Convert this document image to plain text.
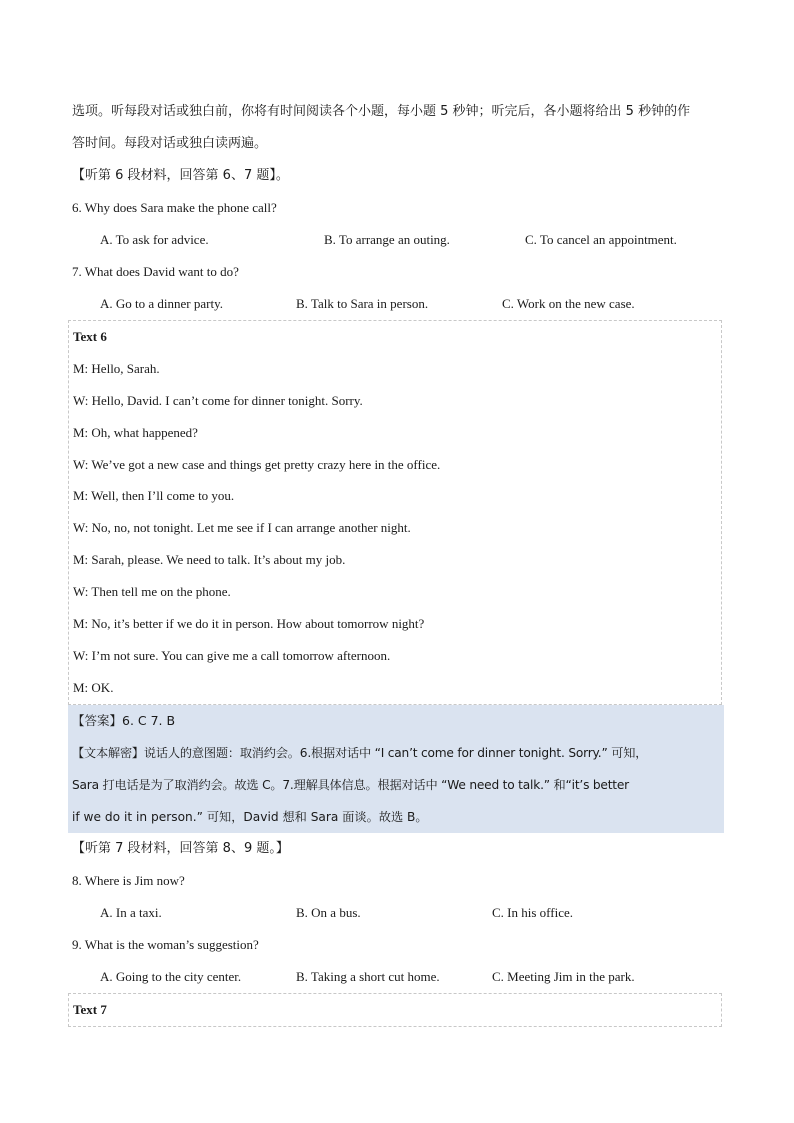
选项。听每段对话或独白前，你将有时间阅读各个小题，每小题 5 秒钟；听完后，各小题将给出 5 秒钟的作
答时间。每段对话或独白读两遍。
【听第 6 段材料，回答第 6、7 题】。
6. Why does Sara make the phone call?
A. To ask for advice.	B. To arrange an outing.	C. To cancel an appointment.
7. What does David want to do?
A. Go to a dinner party.	B. Talk to Sara in person.	C. Work on the new case.
Text 6
M: Hello, Sarah.
W: Hello, David. I can’t come for dinner tonight. Sorry.
M: Oh, what happened?
W: We’ve got a new case and things get pretty crazy here in the office.
M: Well, then I’ll come to you.
W: No, no, not tonight. Let me see if I can arrange another night.
M: Sarah, please. We need to talk. It’s about my job.
W: Then tell me on the phone.
M: No, it’s better if we do it in person. How about tomorrow night?
W: I’m not sure. You can give me a call tomorrow afternoon.
M: OK.
【答案】6. C 7. B
【文本解密】说话人的意图题：取消约会。6.根据对话中 “I can’t come for dinner tonight. Sorry.” 可知，
Sara 打电话是为了取消约会。故选 C。7.理解具体信息。根据对话中 “We need to talk.” 和“it’s better
if we do it in person.” 可知，David 想和 Sara 面谈。故选 B。
【听第 7 段材料，回答第 8、9 题。】
8. Where is Jim now?
A. In a taxi.	B. On a bus.	C. In his office.
9. What is the woman’s suggestion?
A. Going to the city center.	B. Taking a short cut home.	C. Meeting Jim in the park.
Text 7
